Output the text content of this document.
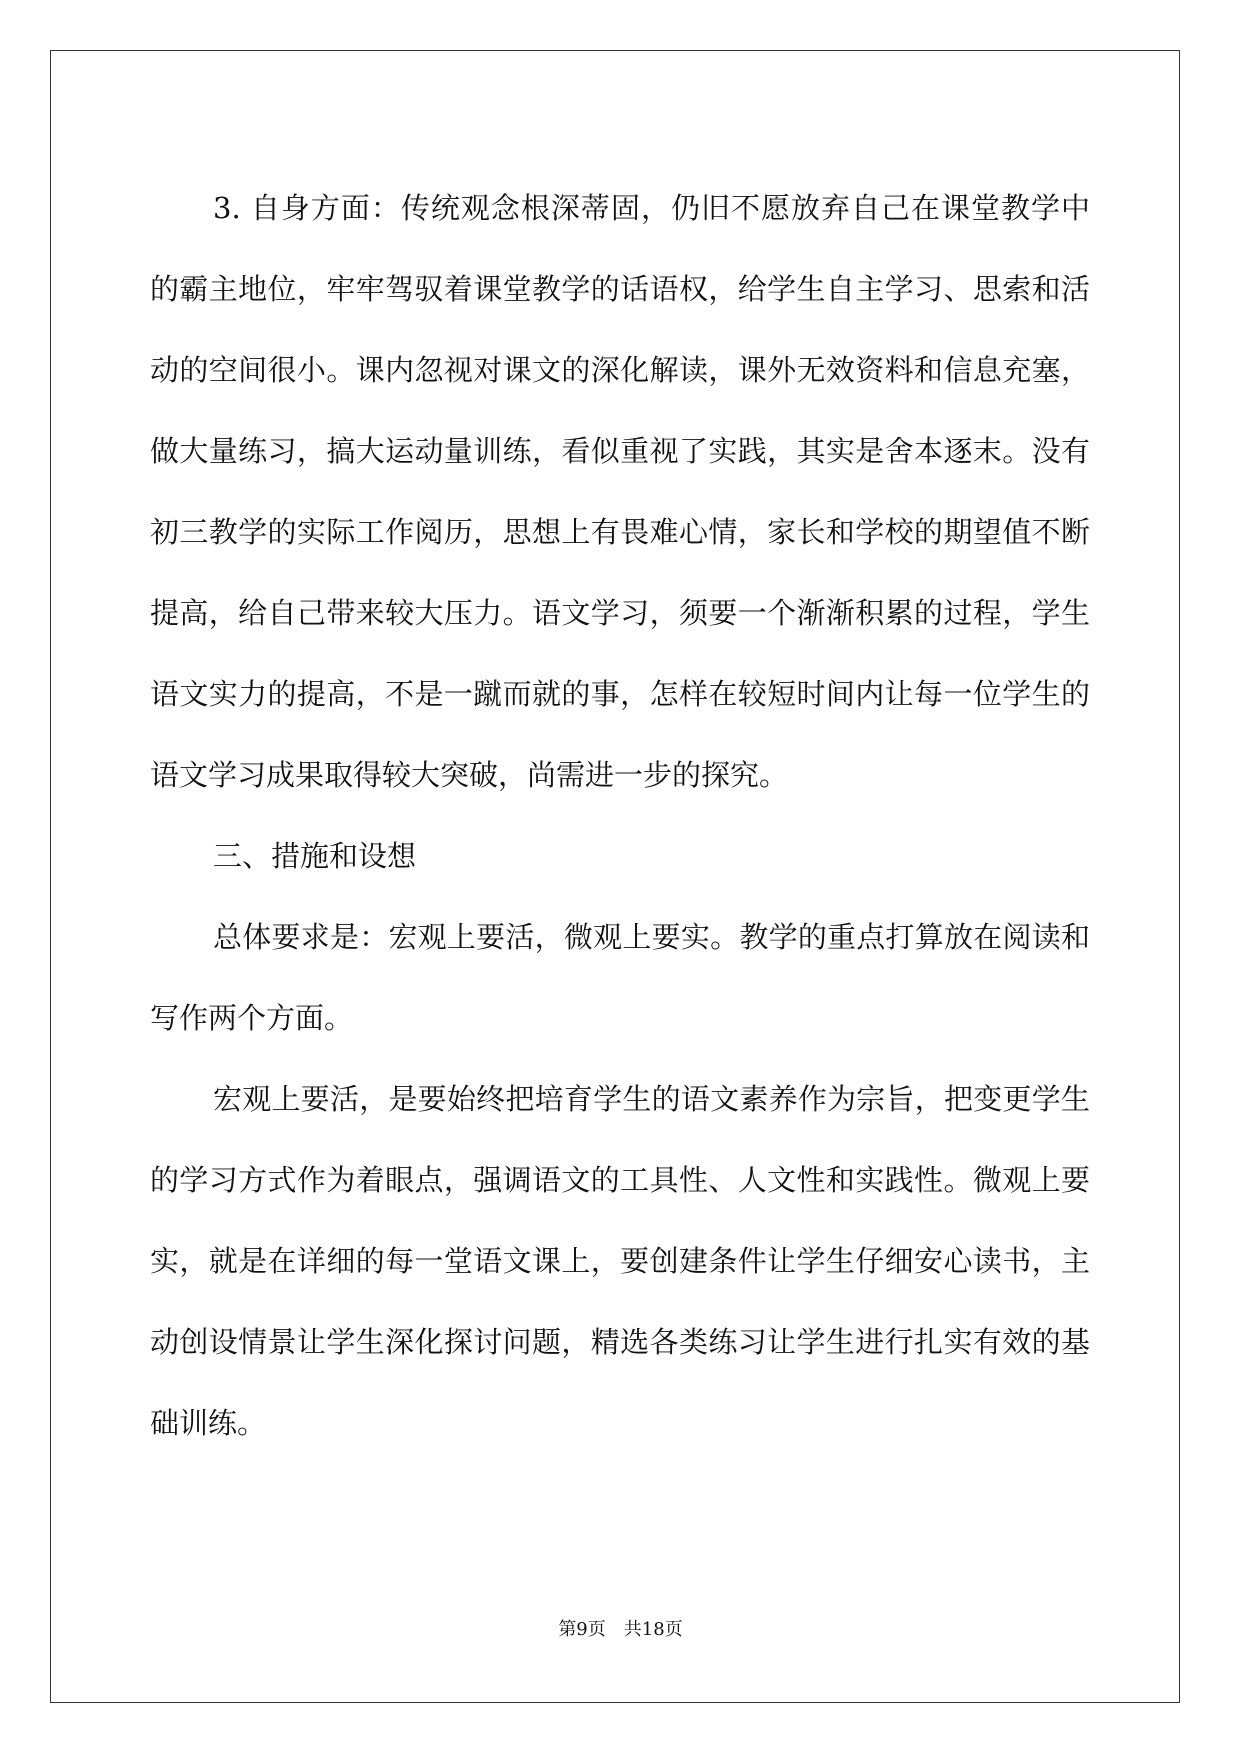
3. 自身方面：传统观念根深蒂固，仍旧不愿放弃自己在课堂教学中的霸主地位，牢牢驾驭着课堂教学的话语权，给学生自主学习、思索和活动的空间很小。课内忽视对课文的深化解读，课外无效资料和信息充塞，做大量练习，搞大运动量训练，看似重视了实践，其实是舍本逐末。没有初三教学的实际工作阅历，思想上有畏难心情，家长和学校的期望值不断提高，给自己带来较大压力。语文学习，须要一个渐渐积累的过程，学生语文实力的提高，不是一蹴而就的事，怎样在较短时间内让每一位学生的语文学习成果取得较大突破，尚需进一步的探究。

三、措施和设想

总体要求是：宏观上要活，微观上要实。教学的重点打算放在阅读和写作两个方面。

宏观上要活，是要始终把培育学生的语文素养作为宗旨，把变更学生的学习方式作为着眼点，强调语文的工具性、人文性和实践性。微观上要实，就是在详细的每一堂语文课上，要创建条件让学生仔细安心读书，主动创设情景让学生深化探讨问题，精选各类练习让学生进行扎实有效的基础训练。

第9页 共18页
